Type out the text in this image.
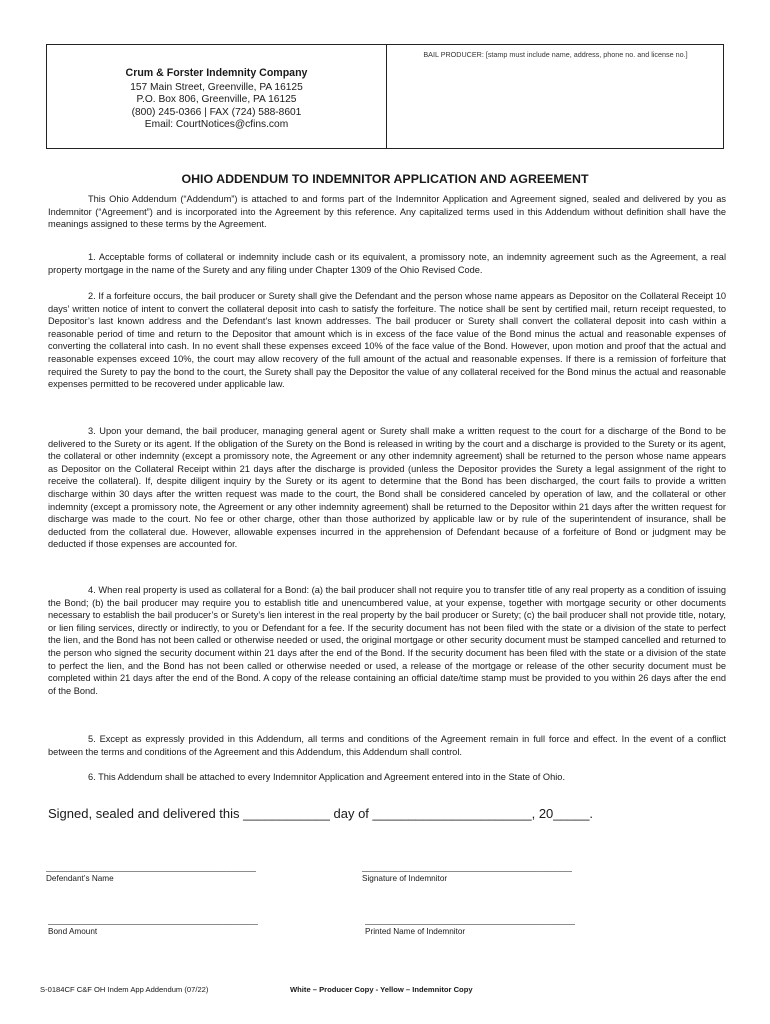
Crum & Forster Indemnity Company
157 Main Street, Greenville, PA 16125
P.O. Box 806, Greenville, PA 16125
(800) 245-0366 | FAX (724) 588-8601
Email: CourtNotices@cfins.com
BAIL PRODUCER: [stamp must include name, address, phone no. and license no.]
OHIO ADDENDUM TO INDEMNITOR APPLICATION AND AGREEMENT

This Ohio Addendum (“Addendum”) is attached to and forms part of the Indemnitor Application and Agreement signed, sealed and delivered by you as Indemnitor (“Agreement”) and is incorporated into the Agreement by this reference. Any capitalized terms used in this Addendum without definition shall have the meanings assigned to these terms by the Agreement.

1. Acceptable forms of collateral or indemnity include cash or its equivalent, a promissory note, an indemnity agreement such as the Agreement, a real property mortgage in the name of the Surety and any filing under Chapter 1309 of the Ohio Revised Code.

2. If a forfeiture occurs, the bail producer or Surety shall give the Defendant and the person whose name appears as Depositor on the Collateral Receipt 10 days’ written notice of intent to convert the collateral deposit into cash to satisfy the forfeiture. The notice shall be sent by certified mail, return receipt requested, to Depositor’s last known address and the Defendant’s last known addresses. The bail producer or Surety shall convert the collateral deposit into cash within a reasonable period of time and return to the Depositor that amount which is in excess of the face value of the Bond minus the actual and reasonable expenses of converting the collateral into cash. In no event shall these expenses exceed 10% of the face value of the Bond. However, upon motion and proof that the actual and reasonable expenses exceed 10%, the court may allow recovery of the full amount of the actual and reasonable expenses. If there is a remission of forfeiture that required the Surety to pay the bond to the court, the Surety shall pay the Depositor the value of any collateral received for the Bond minus the actual and reasonable expenses permitted to be recovered under applicable law.

3. Upon your demand, the bail producer, managing general agent or Surety shall make a written request to the court for a discharge of the Bond to be delivered to the Surety or its agent. If the obligation of the Surety on the Bond is released in writing by the court and a discharge is provided to the Surety or its agent, the collateral or other indemnity (except a promissory note, the Agreement or any other indemnity agreement) shall be returned to the person whose name appears as Depositor on the Collateral Receipt within 21 days after the discharge is provided (unless the Depositor provides the Surety a legal assignment of the right to receive the collateral). If, despite diligent inquiry by the Surety or its agent to determine that the Bond has been discharged, the court fails to provide a written discharge within 30 days after the written request was made to the court, the Bond shall be considered canceled by operation of law, and the collateral or other indemnity (except a promissory note, the Agreement or any other indemnity agreement) shall be returned to the Depositor within 21 days after the written request for discharge was made to the court. No fee or other charge, other than those authorized by applicable law or by rule of the superintendent of insurance, shall be deducted from the collateral due. However, allowable expenses incurred in the apprehension of Defendant because of a forfeiture of Bond or judgment may be deducted if those expenses are accounted for.

4. When real property is used as collateral for a Bond: (a) the bail producer shall not require you to transfer title of any real property as a condition of issuing the Bond; (b) the bail producer may require you to establish title and unencumbered value, at your expense, together with mortgage security or other documents necessary to establish the bail producer’s or Surety’s lien interest in the real property by the bail producer or Surety; (c) the bail producer shall not provide title, notary, or lien filing services, directly or indirectly, to you or Defendant for a fee. If the security document has not been filed with the state or a division of the state to perfect the lien, and the Bond has not been called or otherwise needed or used, the original mortgage or other security document must be stamped cancelled and returned to the person who signed the security document within 21 days after the end of the Bond. If the security document has been filed with the state or a division of the state to perfect the lien, and the Bond has not been called or otherwise needed or used, a release of the mortgage or release of the other security document must be completed within 21 days after the end of the Bond. A copy of the release containing an official date/time stamp must be provided to you within 26 days after the end of the Bond.

5. Except as expressly provided in this Addendum, all terms and conditions of the Agreement remain in full force and effect. In the event of a conflict between the terms and conditions of the Agreement and this Addendum, this Addendum shall control.

6. This Addendum shall be attached to every Indemnitor Application and Agreement entered into in the State of Ohio.

Signed, sealed and delivered this ____________ day of ______________________, 20_____.
__________________________________________
Defendant’s Name
__________________________________________
Signature of Indemnitor
__________________________________________
Bond Amount
__________________________________________
Printed Name of Indemnitor
S-0184CF C&F OH Indem App Addendum (07/22)	White – Producer Copy - Yellow – Indemnitor Copy
